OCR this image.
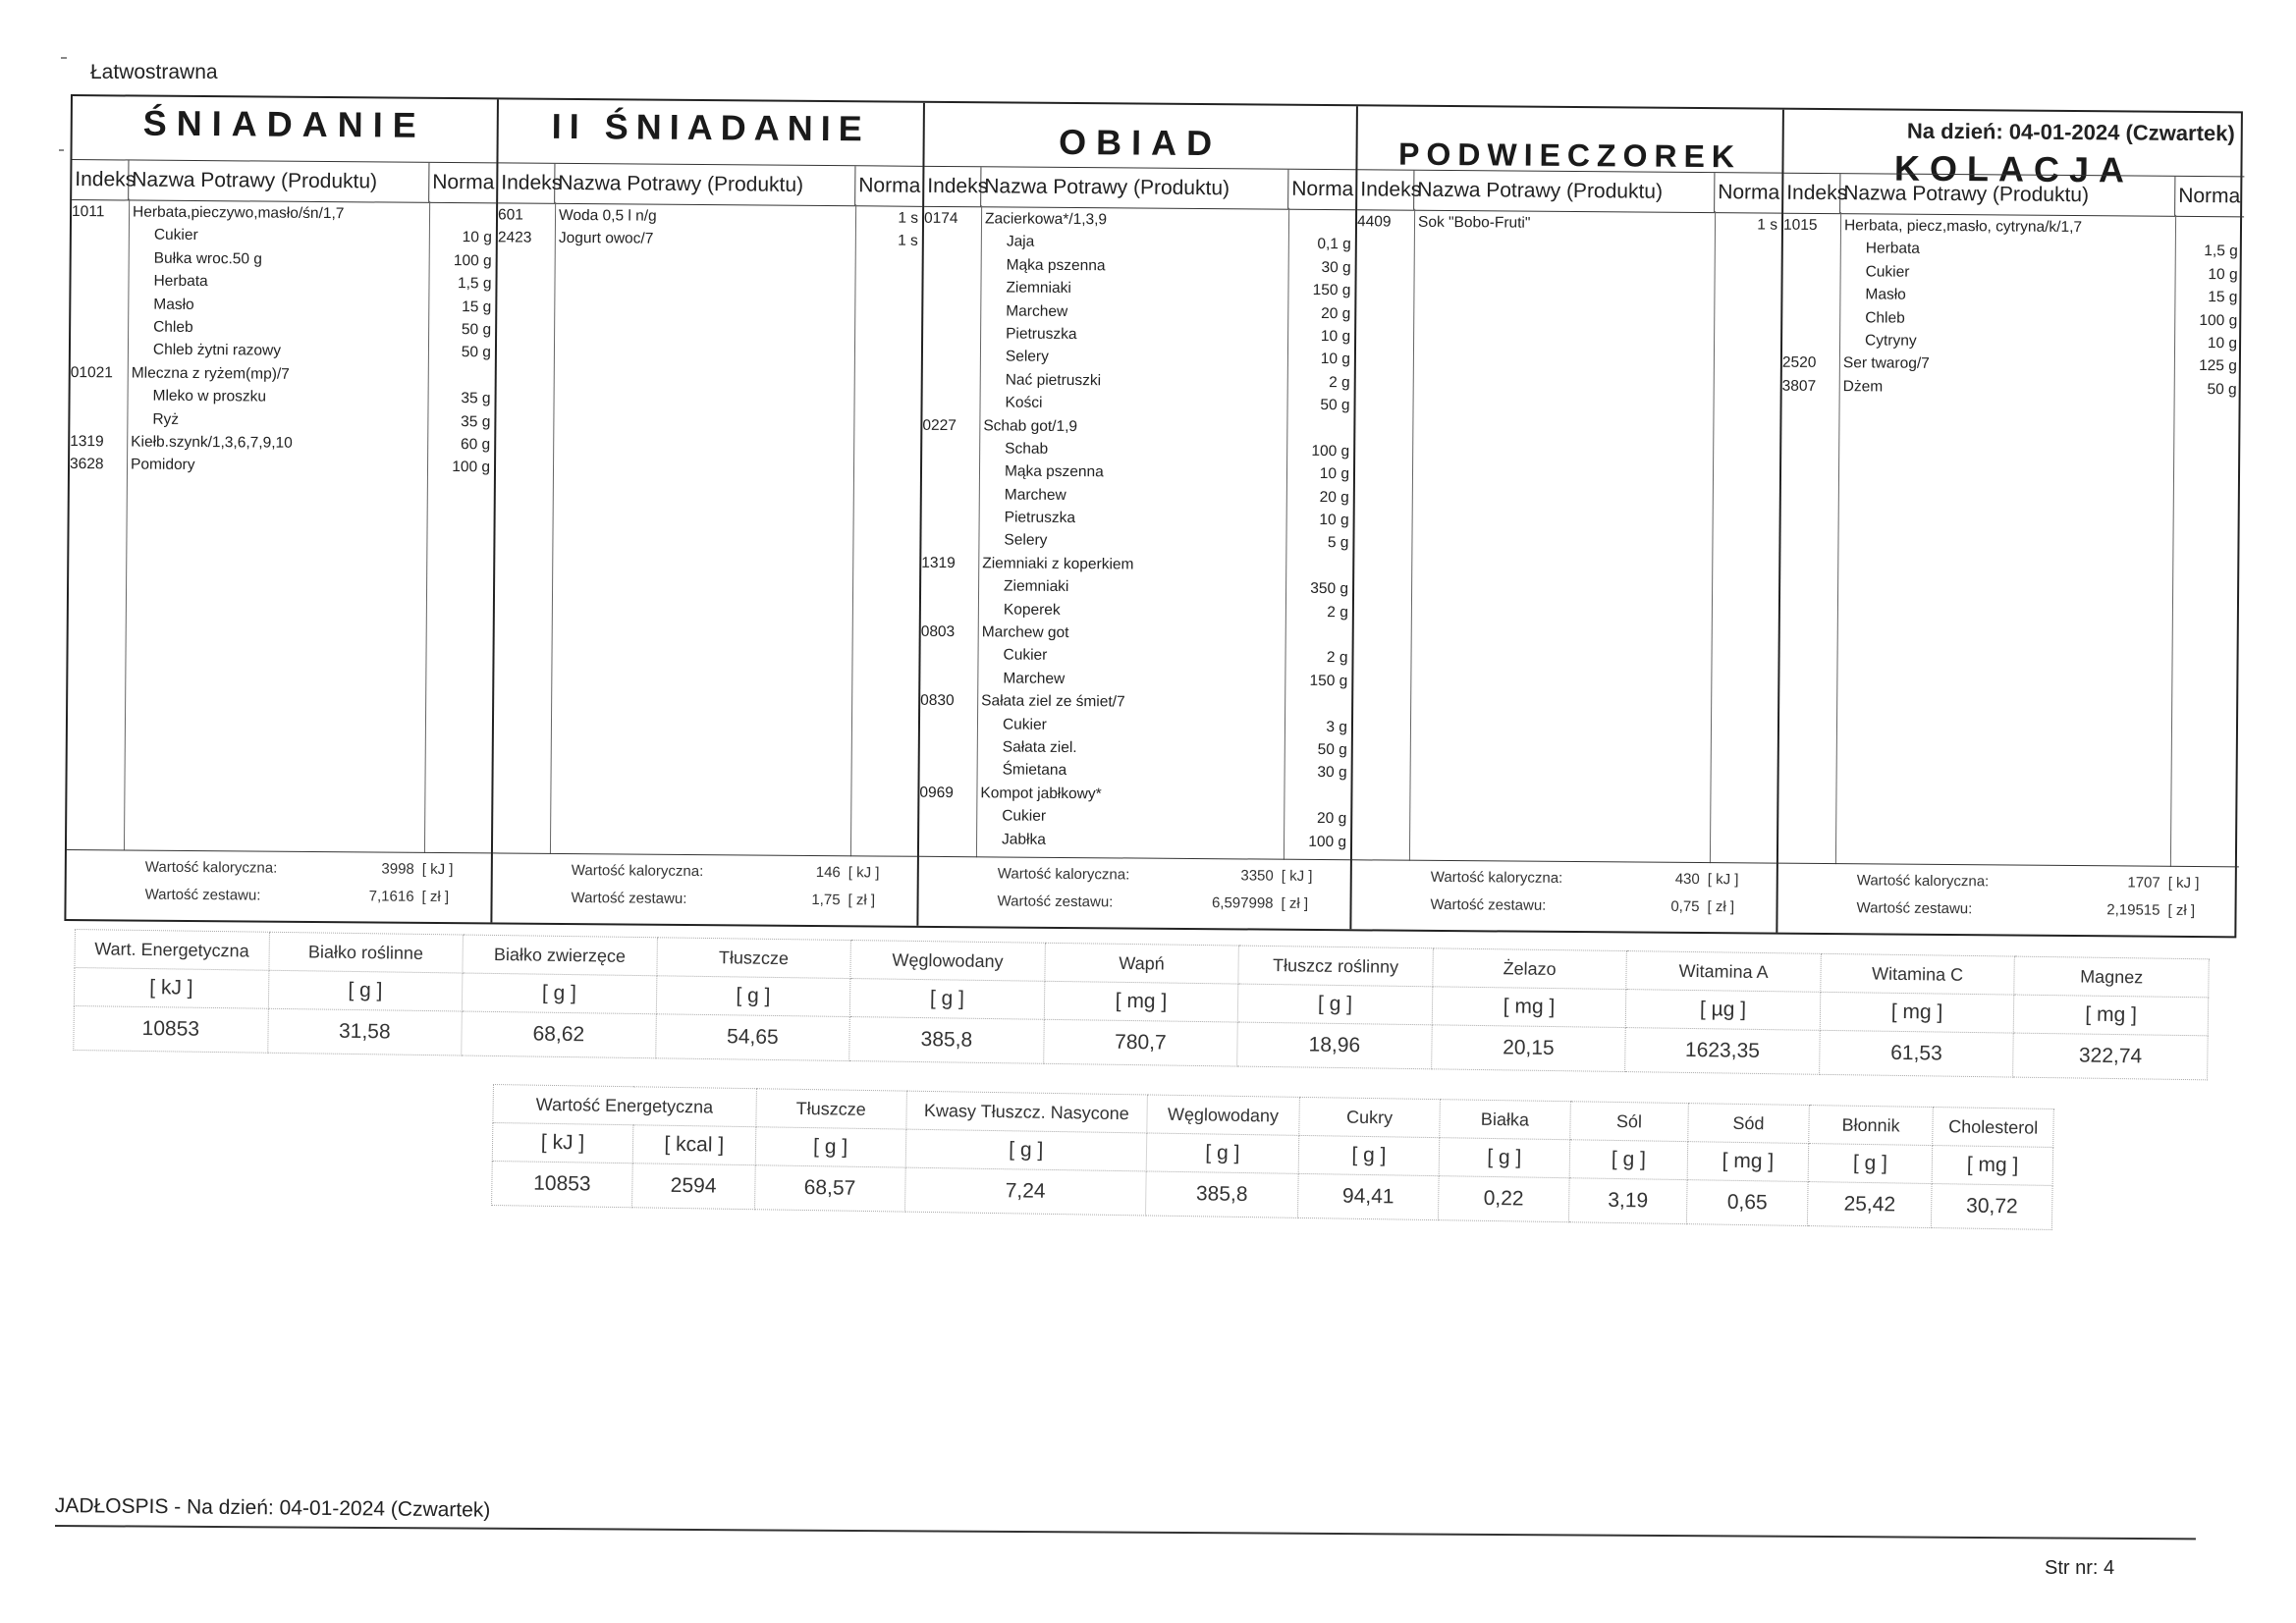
Łatwostrawna
Na dzień: 04-01-2024 (Czwartek)
ŚNIADANIE
Indeks
Nazwa Potrawy (Produktu)	Norma
1011 Herbata,pieczywo,masło/śn/1,7
Cukier	10 g
Bułka wroc.50 g	100 g
Herbata	1,5 g
Masło	15 g
Chleb	50 g
Chleb żytni razowy	50 g
01021 Mleczna z ryżem(mp)/7
Mleko w proszku	35 g
Ryż	35 g
1319 Kiełb.szynk/1,3,6,7,9,10	60 g
3628 Pomidory	100 g
Wartość kaloryczna:	3998 [ kJ ]
Wartość zestawu:	7,1616 [ zł ]
II ŚNIADANIE
Indeks
Nazwa Potrawy (Produktu)	Norma
601 Woda 0,5 l n/g	1 s
2423 Jogurt owoc/7	1 s
Wartość kaloryczna:	146 [ kJ ]
Wartość zestawu:	1,75 [ zł ]
OBIAD
Indeks
Nazwa Potrawy (Produktu)	Norma
0174 Zacierkowa*/1,3,9
Jaja	0,1 g
Mąka pszenna	30 g
Ziemniaki	150 g
Marchew	20 g
Pietruszka	10 g
Selery	10 g
Nać pietruszki	2 g
Kości	50 g
0227 Schab got/1,9
Schab	100 g
Mąka pszenna	10 g
Marchew	20 g
Pietruszka	10 g
Selery	5 g
1319 Ziemniaki z koperkiem
Ziemniaki	350 g
Koperek	2 g
0803 Marchew got
Cukier	2 g
Marchew	150 g
0830 Sałata ziel ze śmiet/7
Cukier	3 g
Sałata ziel.	50 g
Śmietana	30 g
0969 Kompot jabłkowy*
Cukier	20 g
Jabłka	100 g
Wartość kaloryczna:	3350 [ kJ ]
Wartość zestawu:	6,597998 [ zł ]
PODWIECZOREK
Indeks
Nazwa Potrawy (Produktu)	Norma
4409 Sok "Bobo-Fruti"	1 s
Wartość kaloryczna:	430 [ kJ ]
Wartość zestawu:	0,75 [ zł ]
KOLACJA
Indeks
Nazwa Potrawy (Produktu)	Norma
1015 Herbata, piecz,masło, cytryna/k/1,7
Herbata	1,5 g
Cukier	10 g
Masło	15 g
Chleb	100 g
Cytryny	10 g
2520 Ser twarog/7	125 g
3807 Dżem	50 g
Wartość kaloryczna:	1707 [ kJ ]
Wartość zestawu:	2,19515 [ zł ]
Wart. Energetyczna	Białko roślinne	Białko zwierzęce	Tłuszcze	Węglowodany	Wapń	Tłuszcz roślinny	Żelazo	Witamina A	Witamina C	Magnez
[ kJ ]	[ g ]	[ g ]	[ g ]	[ g ]	[ mg ]	[ g ]	[ mg ]	[ µg ]	[ mg ]	[ mg ]
10853	31,58	68,62	54,65	385,8	780,7	18,96	20,15	1623,35	61,53	322,74
Wartość Energetyczna		Tłuszcze	Kwasy Tłuszcz. Nasycone	Węglowodany	Cukry	Białka	Sól	Sód	Błonnik	Cholesterol
[ kJ ]	[ kcal ]	[ g ]	[ g ]	[ g ]	[ g ]	[ g ]	[ g ]	[ mg ]	[ g ]	[ mg ]
10853	2594	68,57	7,24	385,8	94,41	0,22	3,19	0,65	25,42	30,72
JADŁOSPIS - Na dzień: 04-01-2024 (Czwartek)
Str nr: 4
